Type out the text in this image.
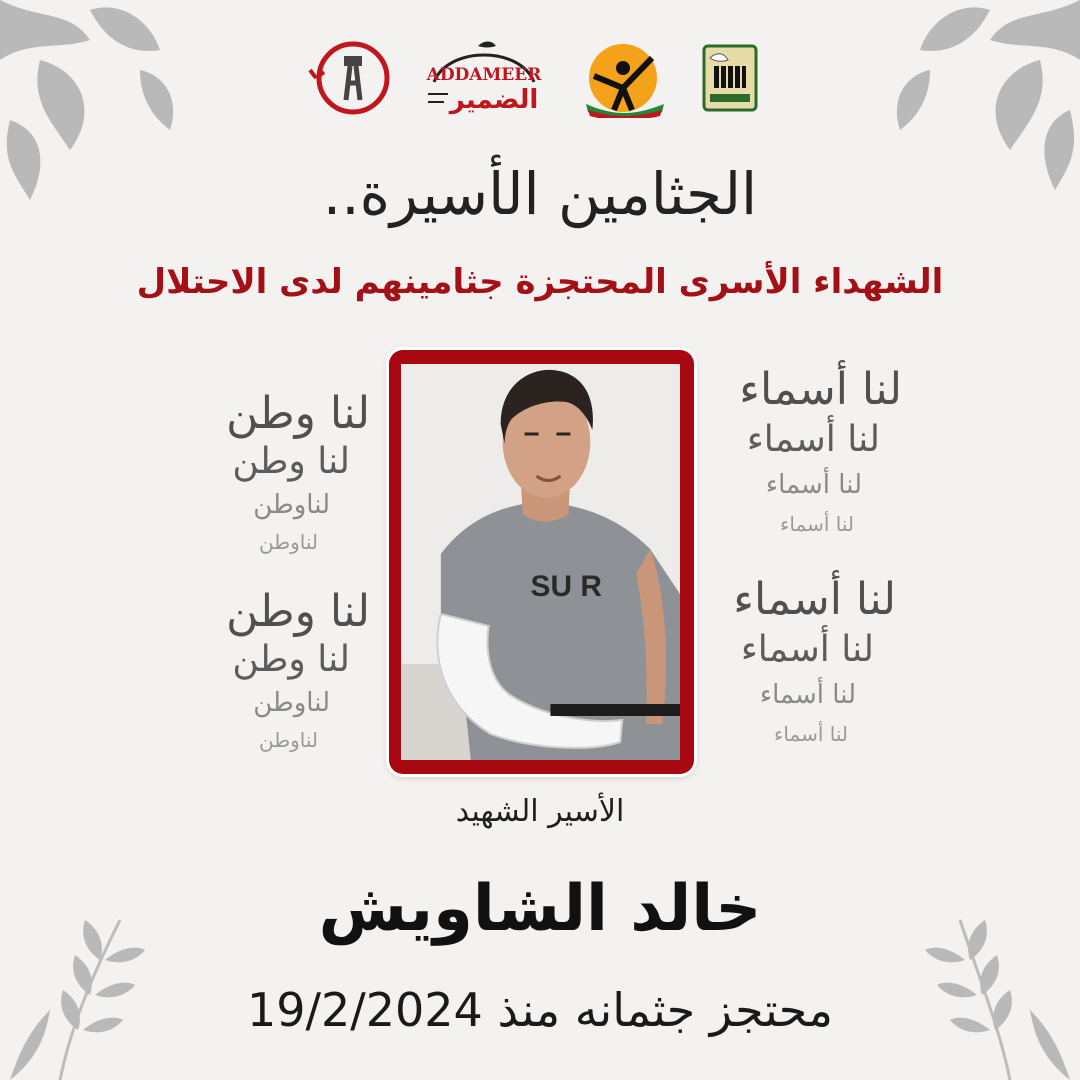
ADDAMEER
الضمير
الجثامين الأسيرة..
الشهداء الأسرى المحتجزة جثامينهم لدى الاحتلال
لنا وطن
لنا وطن
لناوطن
لناوطن
لنا وطن
لنا وطن
لناوطن
لناوطن
لنا أسماء
لنا أسماء
لنا أسماء
لنا أسماء
لنا أسماء
لنا أسماء
لنا أسماء
لنا أسماء
SU R
الأسير الشهيد
خالد الشاويش
محتجز جثمانه منذ 19/2/2024
